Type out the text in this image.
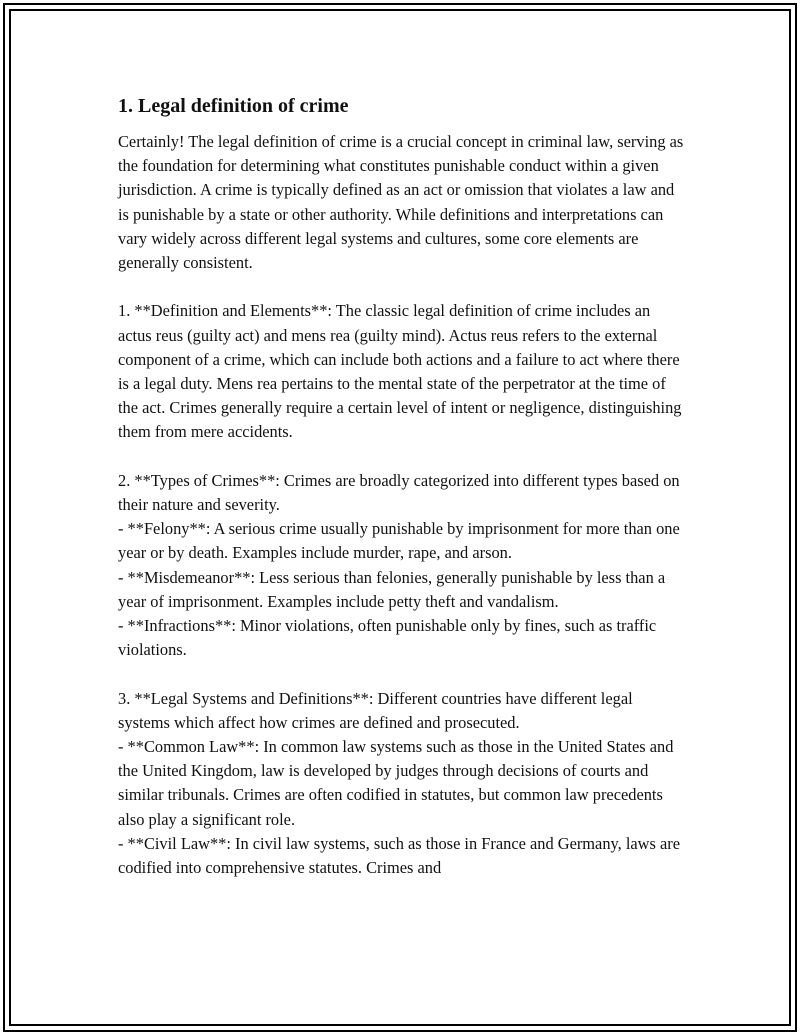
1. Legal definition of crime

Certainly! The legal definition of crime is a crucial concept in criminal law, serving as the foundation for determining what constitutes punishable conduct within a given jurisdiction. A crime is typically defined as an act or omission that violates a law and is punishable by a state or other authority. While definitions and interpretations can vary widely across different legal systems and cultures, some core elements are generally consistent.

1. **Definition and Elements**: The classic legal definition of crime includes an actus reus (guilty act) and mens rea (guilty mind). Actus reus refers to the external component of a crime, which can include both actions and a failure to act where there is a legal duty. Mens rea pertains to the mental state of the perpetrator at the time of the act. Crimes generally require a certain level of intent or negligence, distinguishing them from mere accidents.

2. **Types of Crimes**: Crimes are broadly categorized into different types based on their nature and severity.
- **Felony**: A serious crime usually punishable by imprisonment for more than one year or by death. Examples include murder, rape, and arson.
- **Misdemeanor**: Less serious than felonies, generally punishable by less than a year of imprisonment. Examples include petty theft and vandalism.
- **Infractions**: Minor violations, often punishable only by fines, such as traffic violations.

3. **Legal Systems and Definitions**: Different countries have different legal systems which affect how crimes are defined and prosecuted.
- **Common Law**: In common law systems such as those in the United States and the United Kingdom, law is developed by judges through decisions of courts and similar tribunals. Crimes are often codified in statutes, but common law precedents also play a significant role.
- **Civil Law**: In civil law systems, such as those in France and Germany, laws are codified into comprehensive statutes. Crimes and
